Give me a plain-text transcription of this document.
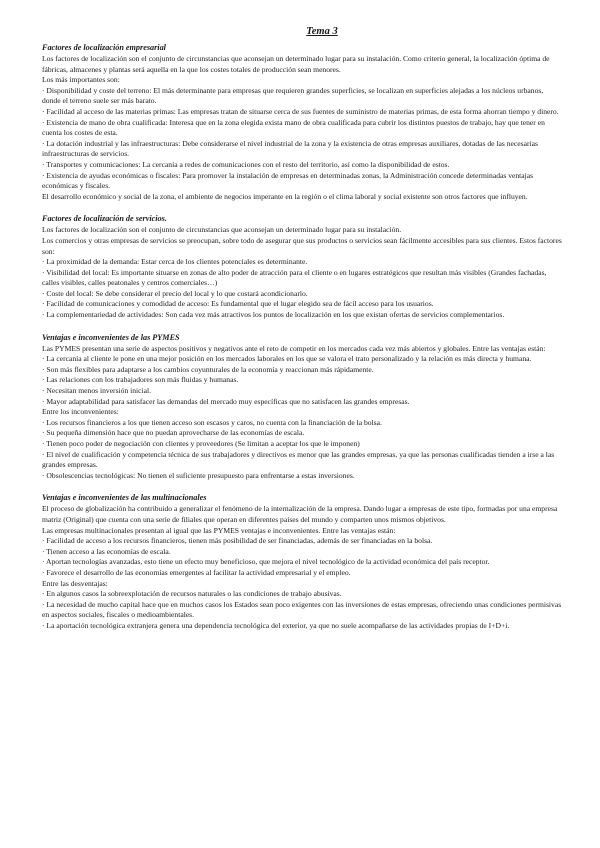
Tema 3
Factores de localización empresarial

Los factores de localización son el conjunto de circunstancias que aconsejan un determinado lugar para su instalación. Como criterio general, la localización óptima de fábricas, almacenes y plantas será aquella en la que los costes totales de producción sean menores.

Los más importantes son:

· Disponibilidad y coste del terreno: El más determinante para empresas que requieren grandes superficies, se localizan en superficies alejadas a los núcleos urbanos, donde el terreno suele ser más barato.

· Facilidad al acceso de las materias primas: Las empresas tratan de situarse cerca de sus fuentes de suministro de materias primas, de esta forma ahorran tiempo y dinero.

· Existencia de mano de obra cualificada: Interesa que en la zona elegida exista mano de obra cualificada para cubrir los distintos puestos de trabajo, hay que tener en cuenta los costes de esta.

· La dotación industrial y las infraestructuras: Debe considerarse el nivel industrial de la zona y la existencia de otras empresas auxiliares, dotadas de las necesarias infraestructuras de servicios.

· Transportes y comunicaciones: La cercanía a redes de comunicaciones con el resto del territorio, así como la disponibilidad de estos.

· Existencia de ayudas económicas o fiscales: Para promover la instalación de empresas en determinadas zonas, la Administración concede determinadas ventajas económicas y fiscales.

El desarrollo económico y social de la zona, el ambiente de negocios imperante en la región o el clima laboral y social existente son otros factores que influyen.

Factores de localización de servicios.

Los factores de localización son el conjunto de circunstancias que aconsejan un determinado lugar para su instalación.

Los comercios y otras empresas de servicios se preocupan, sobre todo de asegurar que sus productos o servicios sean fácilmente accesibles para sus clientes. Estos factores son:

· La proximidad de la demanda: Estar cerca de los clientes potenciales es determinante.

· Visibilidad del local: Es importante situarse en zonas de alto poder de atracción para el cliente o en lugares estratégicos que resultan más visibles (Grandes fachadas, calles visibles, calles peatonales y centros comerciales…)

· Coste del local: Se debe considerar el precio del local y lo que costará acondicionarlo.

· Facilidad de comunicaciones y comodidad de acceso: Es fundamental que el lugar elegido sea de fácil acceso para los usuarios.

· La complementariedad de actividades: Son cada vez más atractivos los puntos de localización en los que existan ofertas de servicios complementarios.

Ventajas e inconvenientes de las PYMES

Las PYMES presentan una serie de aspectos positivos y negativos ante el reto de competir en los mercados cada vez más abiertos y globales. Entre las ventajas están:

· La cercanía al cliente le pone en una mejor posición en los mercados laborales en los que se valora el trato personalizado y la relación es más directa y humana.

· Son más flexibles para adaptarse a los cambios coyunturales de la economía y reaccionan más rápidamente.

· Las relaciones con los trabajadores son más fluidas y humanas.

· Necesitan menos inversión inicial.

· Mayor adaptabilidad para satisfacer las demandas del mercado muy específicas que no satisfacen las grandes empresas.

Entre los inconvenientes:

· Los recursos financieros a los que tienen acceso son escasos y caros, no cuenta con la financiación de la bolsa.

· Su pequeña dimensión hace que no puedan aprovecharse de las economías de escala.

· Tienen poco poder de negociación con clientes y proveedores (Se limitan a aceptar los que le imponen)

· El nivel de cualificación y competencia técnica de sus trabajadores y directivos es menor que las grandes empresas, ya que las personas cualificadas tienden a irse a las grandes empresas.

· Obsolescencias tecnológicas: No tienen el suficiente presupuesto para enfrentarse a estas inversiones.

Ventajas e inconvenientes de las multinacionales

El proceso de globalización ha contribuido a generalizar el fenómeno de la internalización de la empresa. Dando lugar a empresas de este tipo, formadas por una empresa matriz (Original) que cuenta con una serie de filiales que operan en diferentes países del mundo y comparten unos mismos objetivos.

Las empresas multinacionales presentan al igual que las PYMES ventajas e inconvenientes. Entre las ventajas están:

· Facilidad de acceso a los recursos financieros, tienen más posibilidad de ser financiadas, además de ser financiadas en la bolsa.

· Tienen acceso a las economías de escala.

· Aportan tecnologías avanzadas, esto tiene un efecto muy beneficioso, que mejora el nivel tecnológico de la actividad económica del país receptor.

· Favorece el desarrollo de las economías emergentes al facilitar la actividad empresarial y el empleo.

Entre las desventajas:

· En algunos casos la sobreexplotación de recursos naturales o las condiciones de trabajo abusivas.

· La necesidad de mucho capital hace que en muchos casos los Estados sean poco exigentes con las inversiones de estas empresas, ofreciendo unas condiciones permisivas en aspectos sociales, fiscales o medioambientales.

· La aportación tecnológica extranjera genera una dependencia tecnológica del exterior, ya que no suele acompañarse de las actividades propias de I+D+i.
